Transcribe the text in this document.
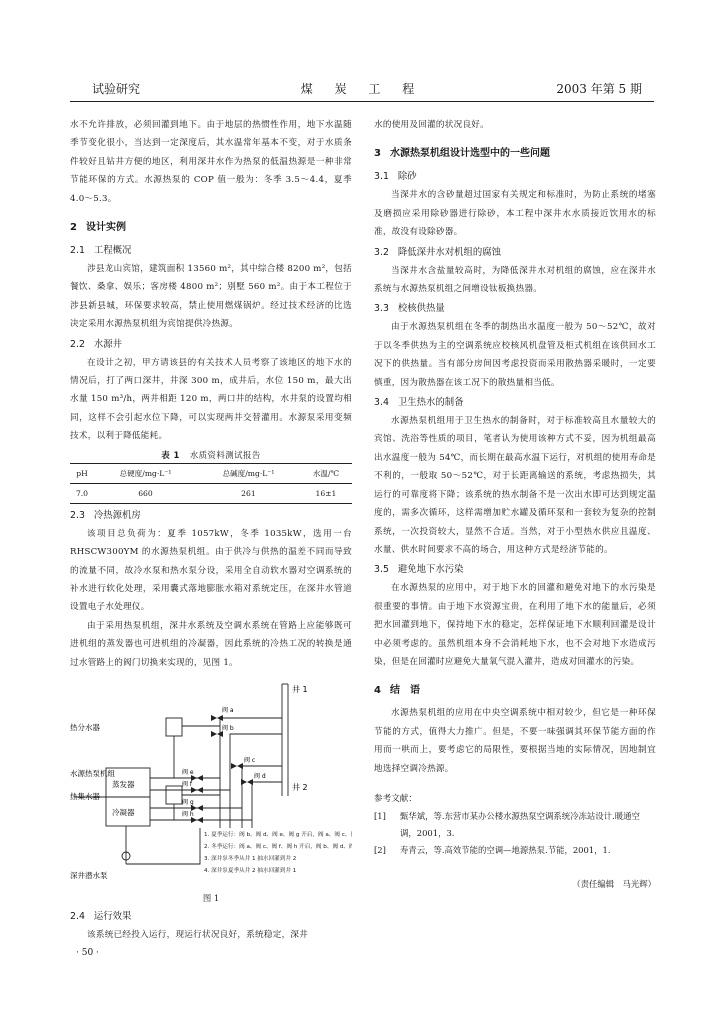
试验研究	煤 炭 工 程	2003 年第 5 期

水不允许排放，必须回灌到地下。由于地层的热惯性作用，地下水温随季节变化很小，当达到一定深度后，其水温常年基本不变，对于水质条件较好且钻井方便的地区，利用深井水作为热泵的低温热源是一种非常节能环保的方式。水源热泵的 COP 值一般为：冬季 3.5～4.4，夏季 4.0～5.3。

2 设计实例
2.1 工程概况

涉县龙山宾馆，建筑面积 13560 m²，其中综合楼 8200 m²，包括餐饮、桑拿、娱乐；客房楼 4800 m²；别墅 560 m²。由于本工程位于涉县新县城，环保要求较高，禁止使用燃煤锅炉。经过技术经济的比选决定采用水源热泵机组为宾馆提供冷热源。

2.2 水源井

在设计之初，甲方请该县的有关技术人员考察了该地区的地下水的情况后，打了两口深井，井深 300 m，成井后，水位 150 m，最大出水量 150 m³/h，两井相距 120 m，两口井的结构，水井泵的设置均相同，这样不会引起水位下降，可以实现两井交替灌用。水源泵采用变频技术，以利于降低能耗。

表 1 水质资料测试报告
pH	总硬度/mg·L⁻¹	总碱度/mg·L⁻¹	水温/℃
7.0	660	261	16±1
2.3 冷热源机房

该项目总负荷为：夏季 1057kW，冬季 1035kW，选用一台 RHSCW300YM 的水源热泵机组。由于供冷与供热的温差不同而导致的流量不同，故冷水泵和热水泵分设，采用全自动软水器对空调系统的补水进行软化处理，采用囊式落地膨胀水箱对系统定压，在深井水管道设置电子水处理仪。

由于采用热泵机组，深井水系统及空调水系统在管路上应能够既可进机组的蒸发器也可进机组的冷凝器，因此系统的冷热工况的转换是通过水管路上的阀门切换来实现的，见图 1。

井 1
井 2
热分水器
热集水器
水源热泵机组
蒸发器
冷凝器
深井潜水泵
阀 a
阀 b
阀 c
阀 d
阀 e
阀 f
阀 g
阀 h
1. 夏季运行：阀 b、阀 d、阀 e、阀 g 开启，阀 a、阀 c、
2. 冬季运行：阀 a、阀 c、阀 f、阀 h 开启，阀 b、阀 d、阀
3. 深井泵冬季从井 1 抽水回灌到井 2
4. 深井泵夏季从井 2 抽水回灌到井 1
图 1
2.4 运行效果

该系统已经投入运行，现运行状况良好，系统稳定，深井

· 50 ·

水的使用及回灌的状况良好。

3 水源热泵机组设计选型中的一些问题
3.1 除砂

当深井水的含砂量超过国家有关规定和标准时，为防止系统的堵塞及磨损应采用除砂器进行除砂，本工程中深井水水质接近饮用水的标准，故没有设除砂器。

3.2 降低深井水对机组的腐蚀

当深井水含盐量较高时，为降低深井水对机组的腐蚀，应在深井水系统与水源热泵机组之间增设钛板换热器。

3.3 校核供热量

由于水源热泵机组在冬季的制热出水温度一般为 50～52℃，故对于以冬季供热为主的空调系统应校核风机盘管及柜式机组在该供回水工况下的供热量。当有部分房间因考虑投资而采用散热器采暖时，一定要慎重，因为散热器在该工况下的散热量相当低。

3.4 卫生热水的制备

水源热泵机组用于卫生热水的制备时，对于标准较高且水量较大的宾馆、洗浴等性质的项目，笔者认为使用该种方式不妥，因为机组最高出水温度一般为 54℃，而长期在最高水温下运行，对机组的使用寿命是不利的，一般取 50～52℃，对于长距离输送的系统，考虑热损失，其运行的可靠度将下降；该系统的热水制备不是一次出水即可达到规定温度的，需多次循环，这样需增加贮水罐及循环泵和一套较为复杂的控制系统，一次投资较大，显然不合适。当然，对于小型热水供应且温度、水量、供水时间要求不高的场合，用这种方式是经济节能的。

3.5 避免地下水污染

在水源热泵的应用中，对于地下水的回灌和避免对地下的水污染是很重要的事情。由于地下水资源宝贵，在利用了地下水的能量后，必须把水回灌到地下，保持地下水的稳定，怎样保证地下水顺利回灌是设计中必须考虑的。虽然机组本身不会消耗地下水，也不会对地下水造成污染，但是在回灌时应避免大量氧气混入灌井，造成对回灌水的污染。

4 结　语

水源热泵机组的应用在中央空调系统中相对较少，但它是一种环保节能的方式，值得大力推广。但是，不要一味强调其环保节能方面的作用而一哄而上，要考虑它的局限性，要根据当地的实际情况，因地制宜地选择空调冷热源。

参考文献：
[1] 甄华斌，等.东营市某办公楼水源热泵空调系统冷冻站设计.暖通空调，2001，3.
[2] 寿青云，等.高效节能的空调—地源热泵.节能，2001，1.
（责任编辑　马光辉）
